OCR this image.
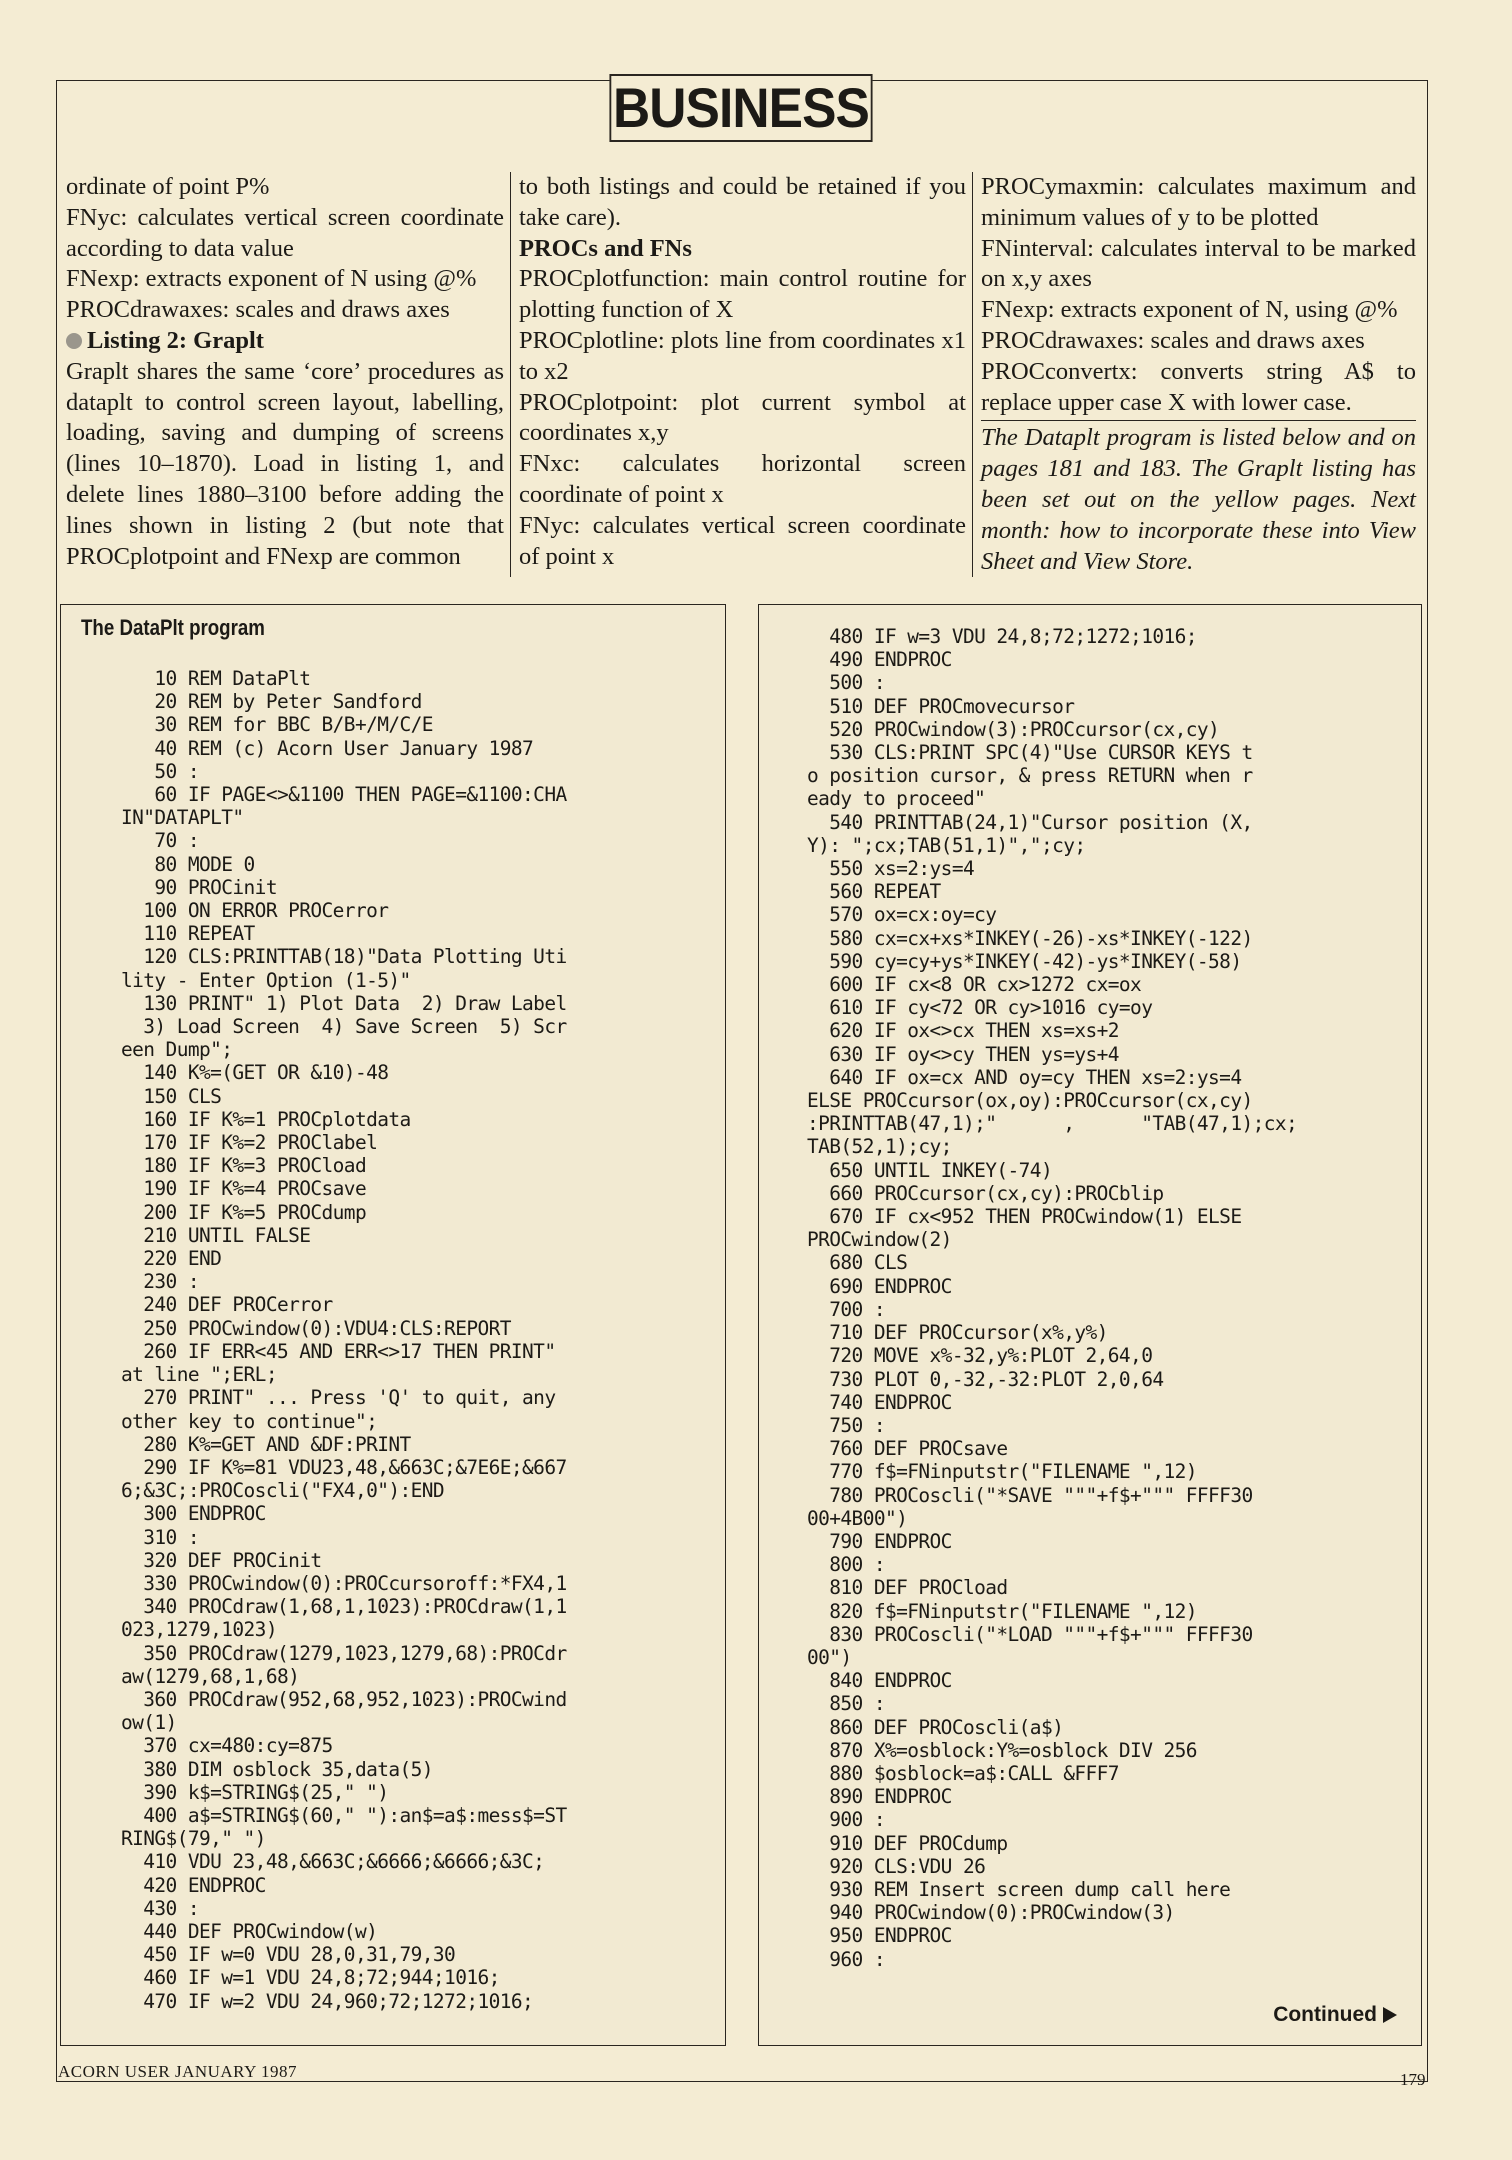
BUSINESS

ordinate of point P%

FNyc: calculates vertical screen coordinate according to data value

FNexp: extracts exponent of N using @%

PROCdrawaxes: scales and draws axes

Listing 2: Graplt

Graplt shares the same ‘core’ procedures as dataplt to control screen layout, labelling, loading, saving and dumping of screens (lines 10–1870). Load in listing 1, and delete lines 1880–3100 before adding the lines shown in listing 2 (but note that PROCplotpoint and FNexp are common

to both listings and could be retained if you take care).

PROCs and FNs

PROCplotfunction: main control routine for plotting function of X

PROCplotline: plots line from coordinates x1 to x2

PROCplotpoint: plot current symbol at coordinates x,y

FNxc: calculates horizontal screen coordinate of point x

FNyc: calculates vertical screen coordinate of point x

PROCymaxmin: calculates maximum and minimum values of y to be plotted

FNinterval: calculates interval to be marked on x,y axes

FNexp: extracts exponent of N, using @%

PROCdrawaxes: scales and draws axes

PROCconvertx: converts string A$ to replace upper case X with lower case.

The Dataplt program is listed below and on pages 181 and 183. The Graplt listing has been set out on the yellow pages. Next month: how to incorporate these into View Sheet and View Store.

The DataPlt program
10 REM DataPlt
20 REM by Peter Sandford
30 REM for BBC B/B+/M/C/E
40 REM (c) Acorn User January 1987
50 :
60 IF PAGE<>&1100 THEN PAGE=&1100:CHA
IN"DATAPLT"
70 :
80 MODE 0
90 PROCinit
100 ON ERROR PROCerror
110 REPEAT
120 CLS:PRINTTAB(18)"Data Plotting Uti
lity - Enter Option (1-5)"
130 PRINT" 1) Plot Data  2) Draw Label
3) Load Screen  4) Save Screen  5) Scr
een Dump";
140 K%=(GET OR &10)-48
150 CLS
160 IF K%=1 PROCplotdata
170 IF K%=2 PROClabel
180 IF K%=3 PROCload
190 IF K%=4 PROCsave
200 IF K%=5 PROCdump
210 UNTIL FALSE
220 END
230 :
240 DEF PROCerror
250 PROCwindow(0):VDU4:CLS:REPORT
260 IF ERR<45 AND ERR<>17 THEN PRINT"
at line ";ERL;
270 PRINT" ... Press 'Q' to quit, any
other key to continue";
280 K%=GET AND &DF:PRINT
290 IF K%=81 VDU23,48,&663C;&7E6E;&667
6;&3C;:PROCoscli("FX4,0"):END
300 ENDPROC
310 :
320 DEF PROCinit
330 PROCwindow(0):PROCcursoroff:*FX4,1
340 PROCdraw(1,68,1,1023):PROCdraw(1,1
023,1279,1023)
350 PROCdraw(1279,1023,1279,68):PROCdr
aw(1279,68,1,68)
360 PROCdraw(952,68,952,1023):PROCwind
ow(1)
370 cx=480:cy=875
380 DIM osblock 35,data(5)
390 k$=STRING$(25," ")
400 a$=STRING$(60," "):an$=a$:mess$=ST
RING$(79," ")
410 VDU 23,48,&663C;&6666;&6666;&3C;
420 ENDPROC
430 :
440 DEF PROCwindow(w)
450 IF w=0 VDU 28,0,31,79,30
460 IF w=1 VDU 24,8;72;944;1016;
470 IF w=2 VDU 24,960;72;1272;1016;
480 IF w=3 VDU 24,8;72;1272;1016;
490 ENDPROC
500 :
510 DEF PROCmovecursor
520 PROCwindow(3):PROCcursor(cx,cy)
530 CLS:PRINT SPC(4)"Use CURSOR KEYS t
o position cursor, & press RETURN when r
eady to proceed"
540 PRINTTAB(24,1)"Cursor position (X,
Y): ";cx;TAB(51,1)",";cy;
550 xs=2:ys=4
560 REPEAT
570 ox=cx:oy=cy
580 cx=cx+xs*INKEY(-26)-xs*INKEY(-122)
590 cy=cy+ys*INKEY(-42)-ys*INKEY(-58)
600 IF cx<8 OR cx>1272 cx=ox
610 IF cy<72 OR cy>1016 cy=oy
620 IF ox<>cx THEN xs=xs+2
630 IF oy<>cy THEN ys=ys+4
640 IF ox=cx AND oy=cy THEN xs=2:ys=4
ELSE PROCcursor(ox,oy):PROCcursor(cx,cy)
:PRINTTAB(47,1);"      ,      "TAB(47,1);cx;
TAB(52,1);cy;
650 UNTIL INKEY(-74)
660 PROCcursor(cx,cy):PROCblip
670 IF cx<952 THEN PROCwindow(1) ELSE
PROCwindow(2)
680 CLS
690 ENDPROC
700 :
710 DEF PROCcursor(x%,y%)
720 MOVE x%-32,y%:PLOT 2,64,0
730 PLOT 0,-32,-32:PLOT 2,0,64
740 ENDPROC
750 :
760 DEF PROCsave
770 f$=FNinputstr("FILENAME ",12)
780 PROCoscli("*SAVE """+f$+""" FFFF30
00+4B00")
790 ENDPROC
800 :
810 DEF PROCload
820 f$=FNinputstr("FILENAME ",12)
830 PROCoscli("*LOAD """+f$+""" FFFF30
00")
840 ENDPROC
850 :
860 DEF PROCoscli(a$)
870 X%=osblock:Y%=osblock DIV 256
880 $osblock=a$:CALL &FFF7
890 ENDPROC
900 :
910 DEF PROCdump
920 CLS:VDU 26
930 REM Insert screen dump call here
940 PROCwindow(0):PROCwindow(3)
950 ENDPROC
960 :
Continued
ACORN USER JANUARY 1987	179
